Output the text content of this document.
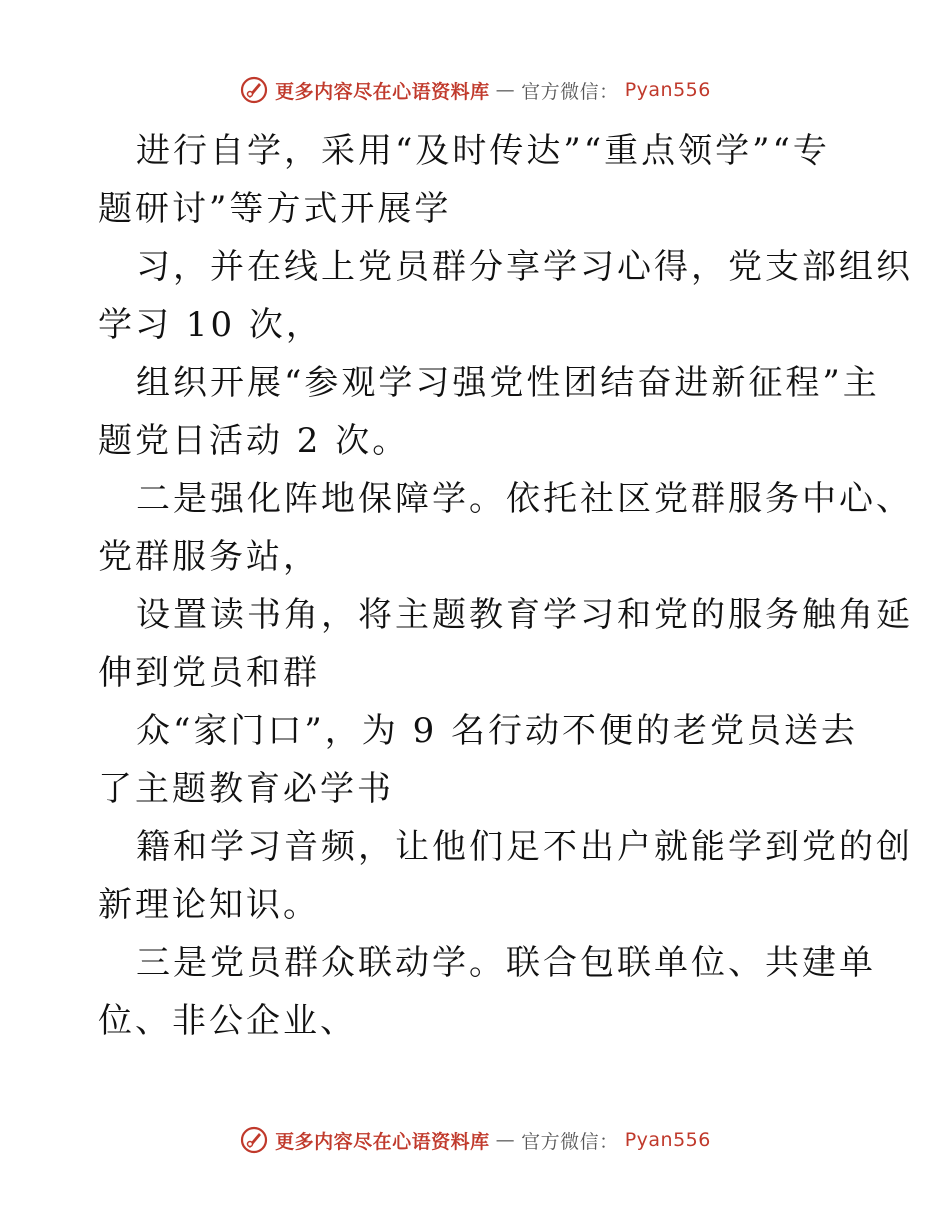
更多内容尽在心语资料库 — 官方微信： Pyan556

进行自学，采用“及时传达”“重点领学”“专
题研讨”等方式开展学
习，并在线上党员群分享学习心得，党支部组织
学习 10 次，
组织开展“参观学习强党性团结奋进新征程”主
题党日活动 2 次。
二是强化阵地保障学。依托社区党群服务中心、
党群服务站，
设置读书角，将主题教育学习和党的服务触角延
伸到党员和群
众“家门口”，为 9 名行动不便的老党员送去
了主题教育必学书
籍和学习音频，让他们足不出户就能学到党的创
新理论知识。
三是党员群众联动学。联合包联单位、共建单
位、非公企业、

更多内容尽在心语资料库 — 官方微信： Pyan556
